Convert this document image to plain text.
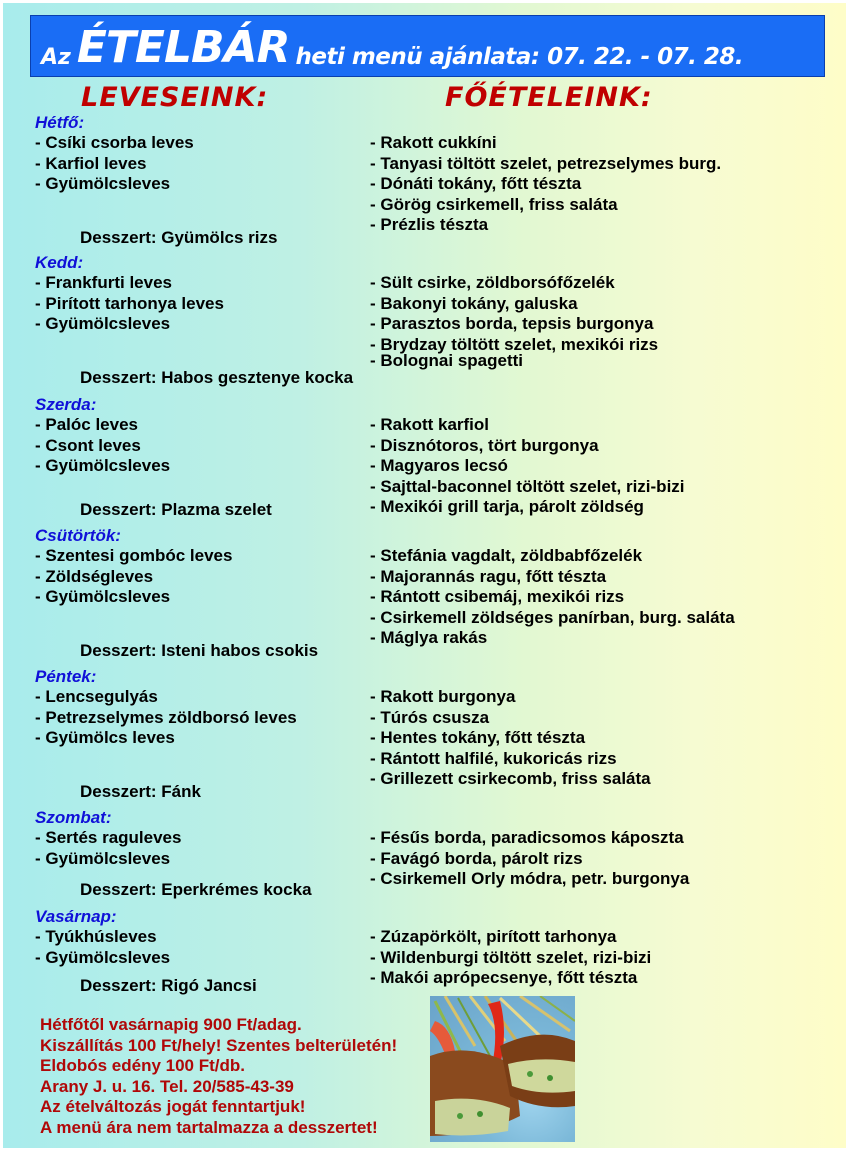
Az ÉTELBÁR heti menü ajánlata: 07. 22. - 07. 28.
LEVESEINK:	FŐÉTELEINK:
Hétfő:
- Csíki csorba leves
- Karfiol leves
- Gyümölcsleves
Desszert: Gyümölcs rizs
Kedd:
- Frankfurti leves
- Pirított tarhonya leves
- Gyümölcsleves
Desszert: Habos gesztenye kocka
Szerda:
- Palóc leves
- Csont leves
- Gyümölcsleves
Desszert: Plazma szelet
Csütörtök:
- Szentesi gombóc leves
- Zöldségleves
- Gyümölcsleves
Desszert: Isteni habos csokis
Péntek:
- Lencsegulyás
- Petrezselymes zöldborsó leves
- Gyümölcs leves
Desszert: Fánk
Szombat:
- Sertés raguleves
- Gyümölcsleves
Desszert: Eperkrémes kocka
Vasárnap:
- Tyúkhúsleves
- Gyümölcsleves
Desszert: Rigó Jancsi
- Rakott cukkíni
- Tanyasi töltött szelet, petrezselymes burg.
- Dónáti tokány, főtt tészta
- Görög csirkemell, friss saláta
- Prézlis tészta
- Sült csirke, zöldborsófőzelék
- Bakonyi tokány, galuska
- Parasztos borda, tepsis burgonya
- Brydzay töltött szelet, mexikói rizs
- Bolognai spagetti
- Rakott karfiol
- Disznótoros, tört burgonya
- Magyaros lecsó
- Sajttal-baconnel töltött szelet, rizi-bizi
- Mexikói grill tarja, párolt zöldség
- Stefánia vagdalt, zöldbabfőzelék
- Majorannás ragu, főtt tészta
- Rántott csibemáj, mexikói rizs
- Csirkemell zöldséges panírban, burg. saláta
- Máglya rakás
- Rakott burgonya
- Túrós csusza
- Hentes tokány, főtt tészta
- Rántott halfilé, kukoricás rizs
- Grillezett csirkecomb, friss saláta
- Fésűs borda, paradicsomos káposzta
- Favágó borda, párolt rizs
- Csirkemell Orly módra, petr. burgonya
- Zúzapörkölt, pirított tarhonya
- Wildenburgi töltött szelet, rizi-bizi
- Makói aprópecsenye, főtt tészta
Hétfőtől vasárnapig 900 Ft/adag.
Kiszállítás 100 Ft/hely! Szentes belterületén!
Eldobós edény 100 Ft/db.
Arany J. u. 16. Tel. 20/585-43-39
Az ételváltozás jogát fenntartjuk!
A menü ára nem tartalmazza a desszertet!
